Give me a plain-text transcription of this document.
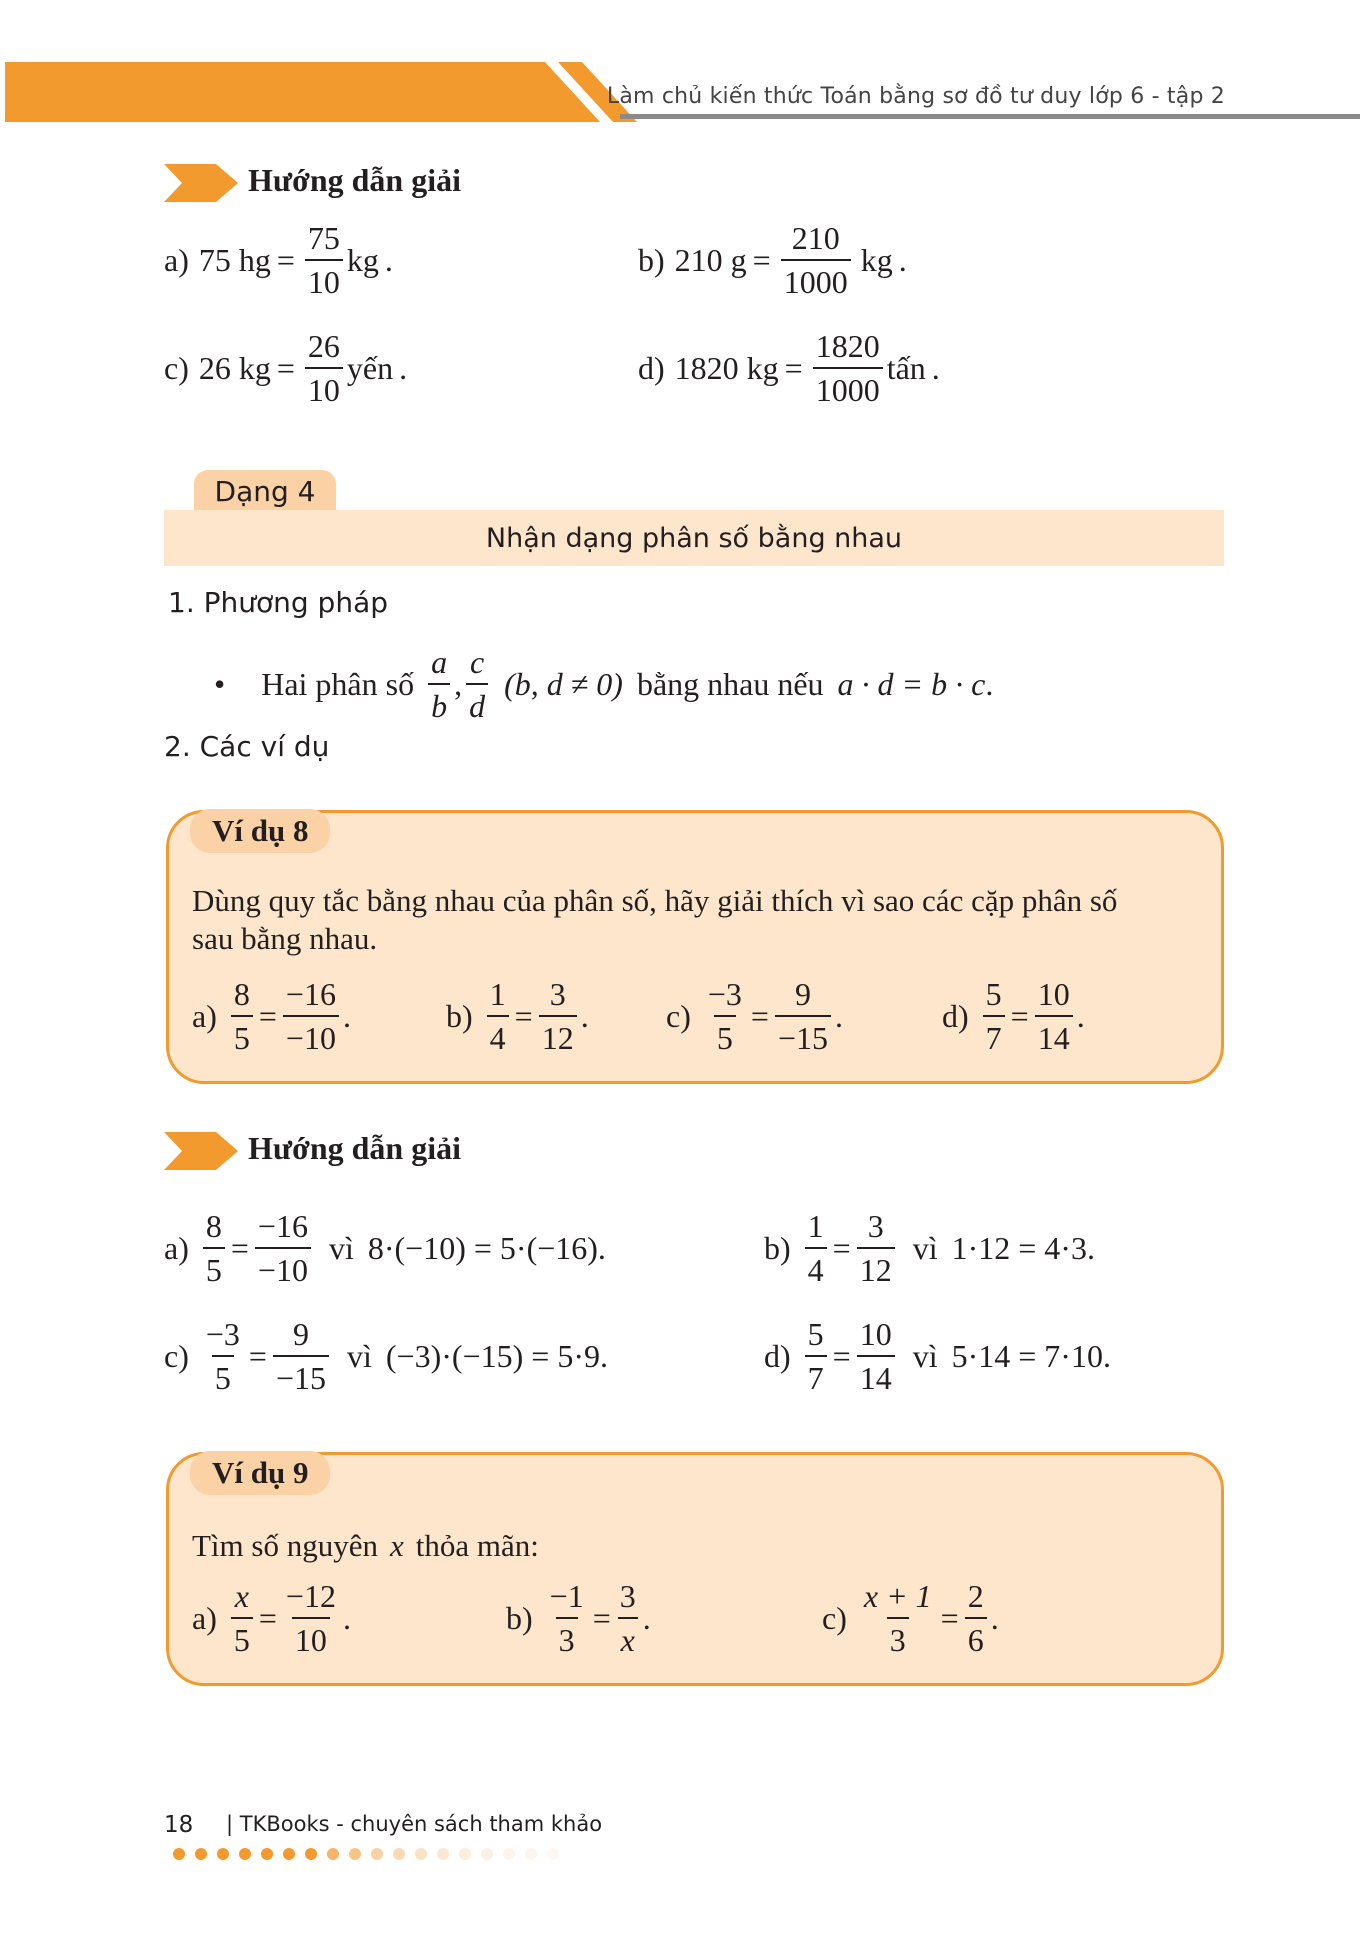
Làm chủ kiến thức Toán bằng sơ đồ tư duy lớp 6 - tập 2
Hướng dẫn giải
a) 75 hg = $\frac{75}{10}$ kg .	b) 210 $g = \frac{210}{1000}$ kg .
c) 26 kg = $\frac{26}{10}$ yến .	d) 1820 kg = $\frac{1820}{1000}$ tấn .
Dạng 4
Nhận dạng phân số bằng nhau
1. Phương pháp
• Hai phân số $\frac{a}{b}$ , $\frac{c}{d} (b$, d ≠ 0) bằng nhau nếu a · d = b · c .
2. Các ví dụ
Ví dụ 8
Dùng quy tắc bằng nhau của phân số, hãy giải thích vì sao các cặp phân số
sau bằng nhau.
$a) \frac{8}{5} = \frac{-16}{-10}$ .	$b) \frac{1}{4} = \frac{3}{12}$ . $c) \frac{-3}{5} = \frac{9}{-15}$ .	$d) \frac{5}{7} = \frac{10}{14}$ .
Hướng dẫn giải
$a) \frac{8}{5} = \frac{-16}{-10}$ vì 8·(−10) = 5·(−16).	$b) \frac{1}{4} = \frac{3}{12}$ vì 1·12 = 4·3.
$c) \frac{-3}{5} = \frac{9}{-15}$ vì (−3)·(−15) = 5·9.	$d) \frac{5}{7} = \frac{10}{14}$ vì 5·14 = 7·10.
Ví dụ 9
Tìm số nguyên x thỏa mãn:
$a) \frac{x}{5} = \frac{-12}{10}$ .	$b) \frac{-1}{3} = \frac{3}{x}$ .	$c) \frac{x + 1}{3} = \frac{2}{6}$ .
18 | TKBooks - chuyên sách tham khảo
